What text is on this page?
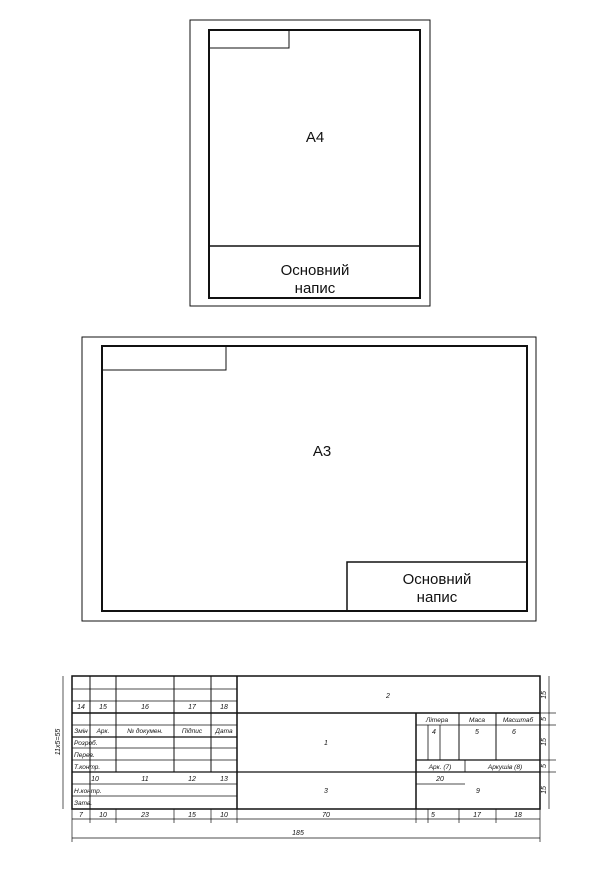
А4
Основний
напис
А3
Основний
напис
14 15	16	17	18
Змін Арк.	№ докумен.	Підпис Дата
Розроб.
Перев.
Т.контр.
Н.контр.
Затв.
10	11	12	13
2
1
3	9
Літера	Маса	Масштаб
4	5	6
Арк. (7)	Аркушів (8)
20
11х5=55
15
5
15
5
15
7 10	23	15	10	70	5	17	18
185
